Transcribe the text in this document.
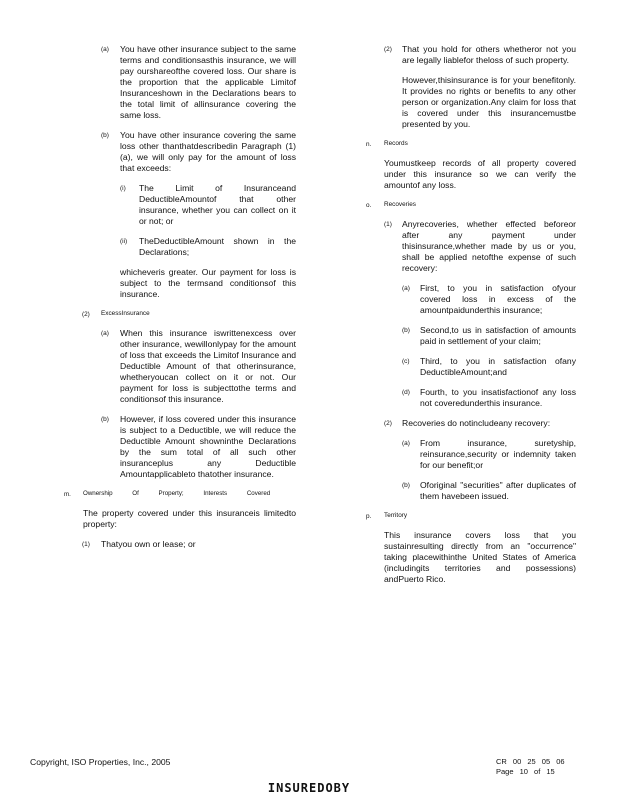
(a)	You have other insurance subject to the same terms and conditionsasthis insurance, we will pay ourshareofthe covered loss. Our share is the proportion that the applicable Limitof Insuranceshown in the Declarations bears to the total limit of allinsurance covering the same loss.
(b)	You have other insurance covering the same loss other thanthatdescribedin Paragraph (1)(a), we will only pay for the amount of loss that exceeds:
(i)	The Limit of Insuranceand DeductibleAmountof that other insurance, whether you can collect on it or not; or
(ii)	TheDeductibleAmount shown in the Declarations;
whicheveris greater. Our payment for loss is subject to the termsand conditionsof this insurance.
(2)	ExcessInsurance
(a)	When this insurance iswrittenexcess over other insurance, wewillonlypay for the amount of loss that exceeds the Limitof Insurance and Deductible Amount of that otherinsurance, whetheryoucan collect on it or not. Our payment for loss is subjecttothe terms and conditionsof this insurance.
(b)	However, if loss covered under this insurance is subject to a Deductible, we will reduce the Deductible Amount showninthe Declarations by the sum total of all such other insuranceplus any Deductible Amountapplicableto thatother insurance.
m.	Ownership Of Property; Interests Covered
The property covered under this insuranceis limitedto property:
(1)	Thatyou own or lease; or
(2)	That you hold for others whetheror not you are legally liablefor theloss of such property.
However,thisinsurance is for your benefitonly. It provides no rights or benefits to any other person or organization.Any claim for loss that is covered under this insurancemustbe presented by you.
n.	Records
Youmustkeep records of all property covered under this insurance so we can verify the amountof any loss.
o.	Recoveries
(1)	Anyrecoveries, whether effected beforeor after any payment under thisinsurance,whether made by us or you, shall be applied netofthe expense of such recovery:
(a)	First, to you in satisfaction ofyour covered loss in excess of the amountpaidunderthis insurance;
(b)	Second,to us in satisfaction of amounts paid in settlement of your claim;
(c)	Third, to you in satisfaction ofany DeductibleAmount;and
(d)	Fourth, to you insatisfactionof any loss not coveredunderthis insurance.
(2)	Recoveries do notincludeany recovery:
(a)	From insurance, suretyship, reinsurance,security or indemnity taken for our benefit;or
(b)	Oforiginal "securities" after duplicates of them havebeen issued.
p.	Territory
This insurance covers loss that you sustainresulting directly from an "occurrence" taking placewithinthe United States of America (includingits territories and possessions) andPuerto Rico.
Copyright, ISO Properties, Inc., 2005	CR 00 25 05 06
Page 10 of 15
INSUREDOBY
